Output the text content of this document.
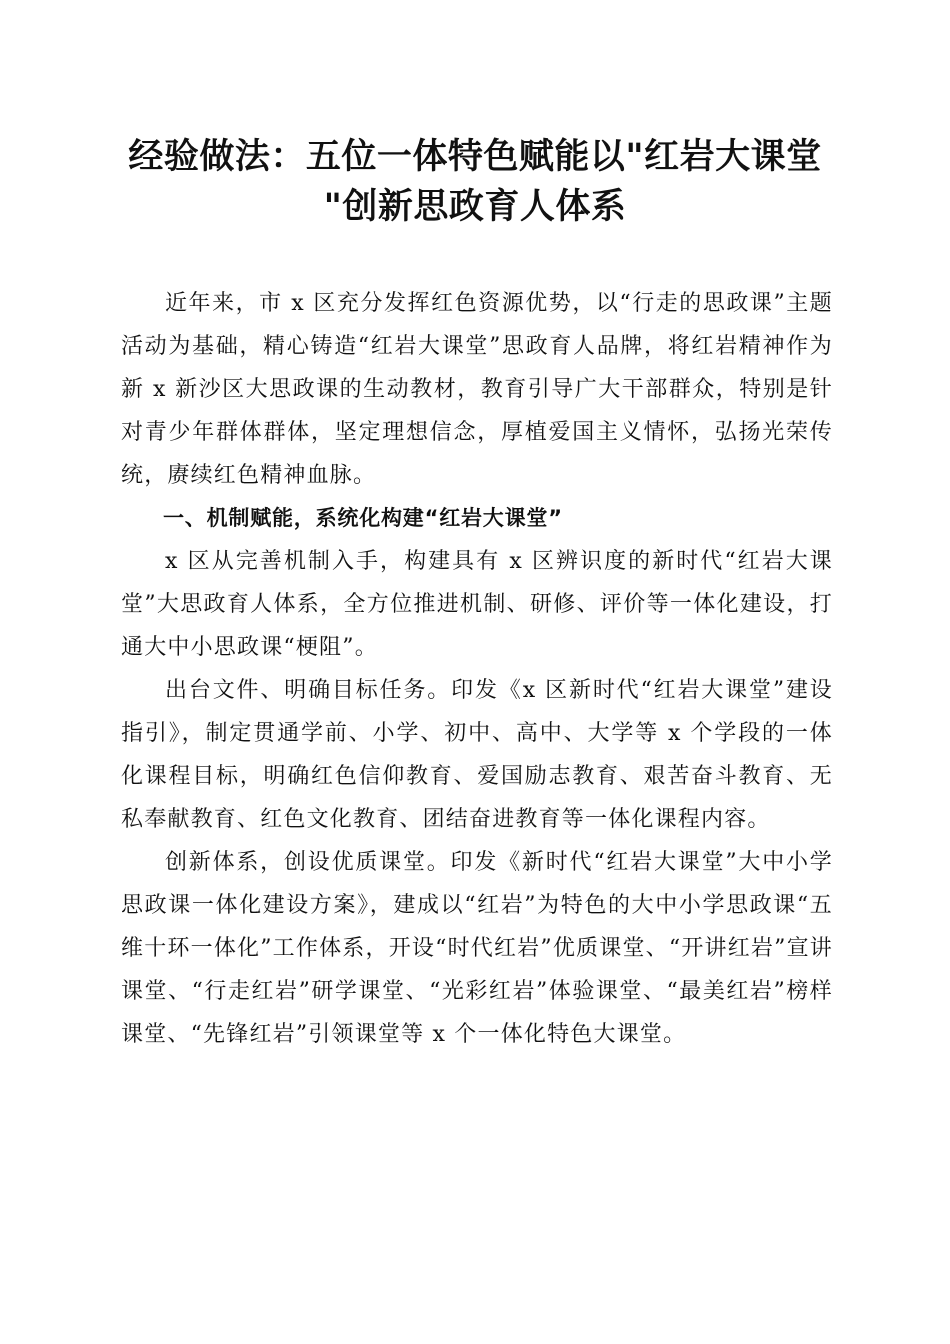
经验做法：五位一体特色赋能以"红岩大课堂
"创新思政育人体系

近年来，市 x 区充分发挥红色资源优势，以“行走的思政课”主题活动为基础，精心铸造“红岩大课堂”思政育人品牌，将红岩精神作为新 x 新沙区大思政课的生动教材，教育引导广大干部群众，特别是针对青少年群体群体，坚定理想信念，厚植爱国主义情怀，弘扬光荣传统，赓续红色精神血脉。

一、机制赋能，系统化构建“红岩大课堂”

x 区从完善机制入手，构建具有 x 区辨识度的新时代“红岩大课堂”大思政育人体系，全方位推进机制、研修、评价等一体化建设，打通大中小思政课“梗阻”。

出台文件、明确目标任务。印发《x 区新时代“红岩大课堂”建设指引》，制定贯通学前、小学、初中、高中、大学等 x 个学段的一体化课程目标，明确红色信仰教育、爱国励志教育、艰苦奋斗教育、无私奉献教育、红色文化教育、团结奋进教育等一体化课程内容。

创新体系，创设优质课堂。印发《新时代“红岩大课堂”大中小学思政课一体化建设方案》，建成以“红岩”为特色的大中小学思政课“五维十环一体化”工作体系，开设“时代红岩”优质课堂、“开讲红岩”宣讲课堂、“行走红岩”研学课堂、“光彩红岩”体验课堂、“最美红岩”榜样课堂、“先锋红岩”引领课堂等 x 个一体化特色大课堂。
